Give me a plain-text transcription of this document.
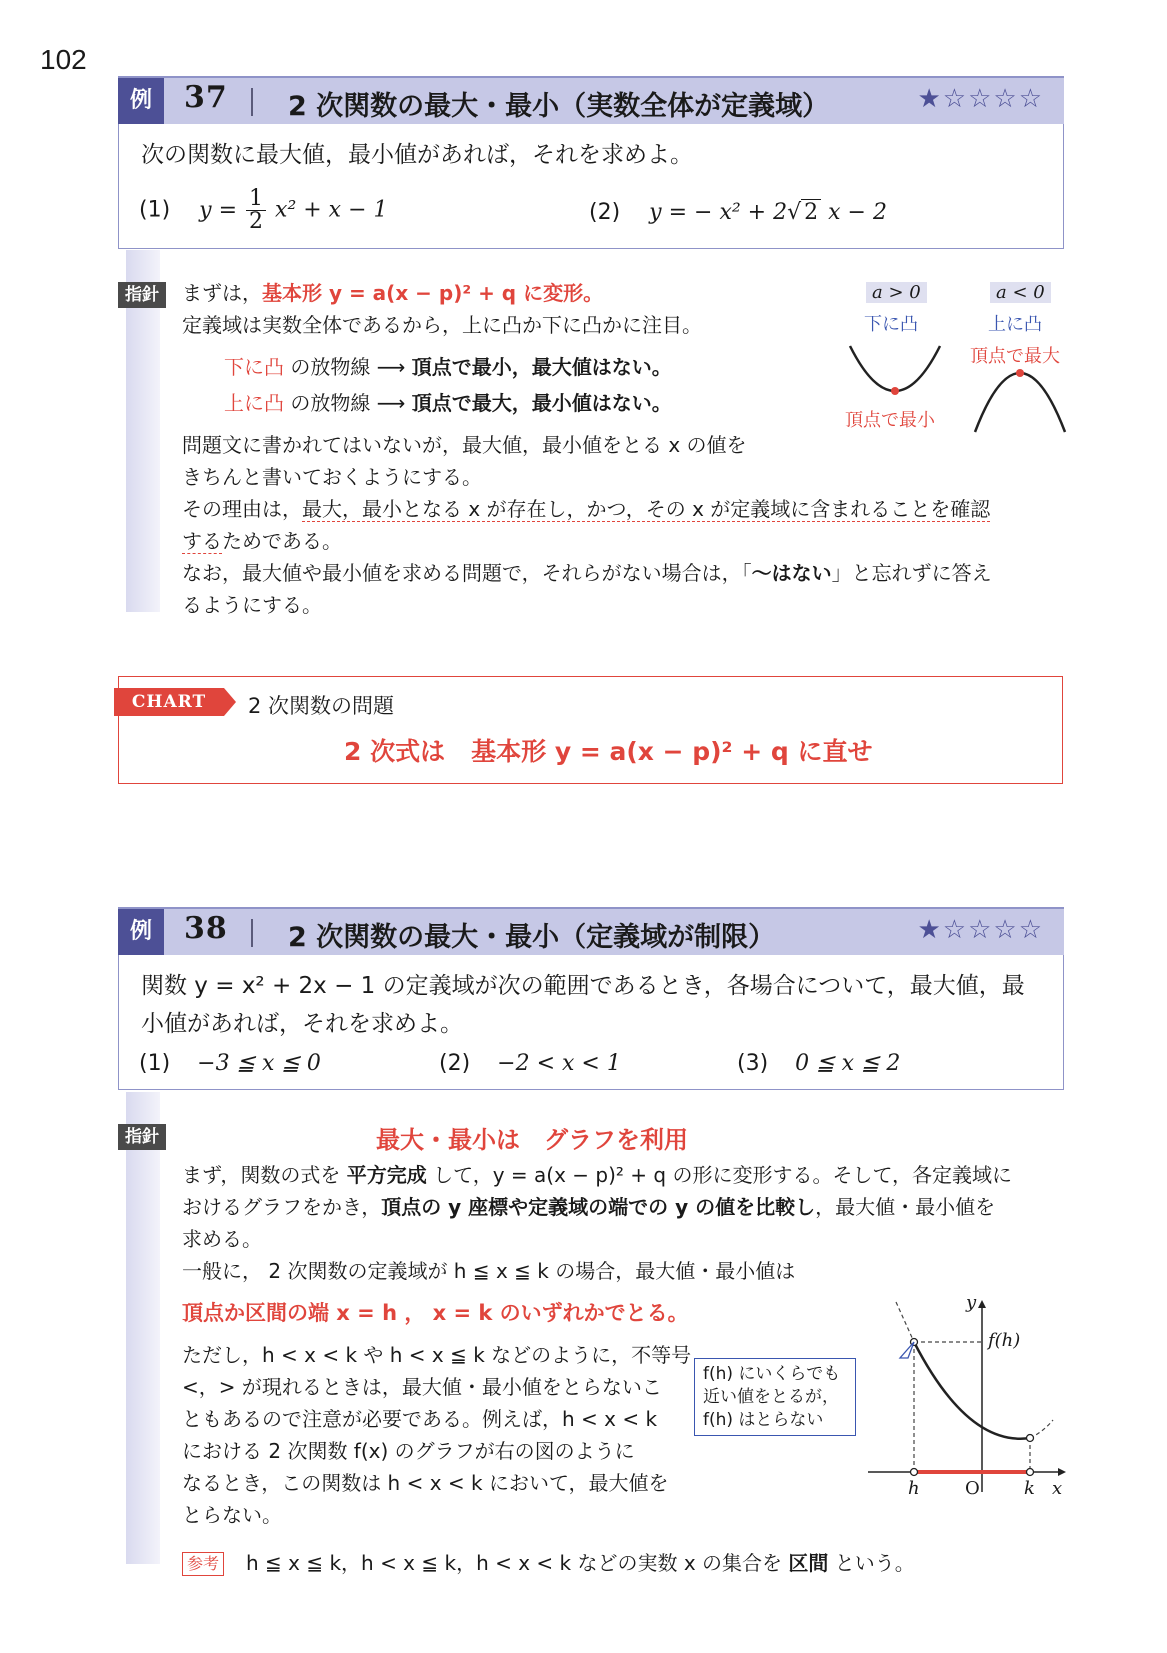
102
例	37 2 次関数の最大・最小（実数全体が定義域）	★☆☆☆☆
次の関数に最大値，最小値があれば，それを求めよ。
(1) $y = \frac{1}{2} x^2 + x - 1$	(2) y = − x² + 2√ 2 x − 2
指針	まずは，基本形 y = a(x − p)² + q に変形。
定義域は実数全体であるから，上に凸か下に凸かに注目。
下に凸 の放物線 ⟶ 頂点で最小，最大値はない。
上に凸 の放物線 ⟶ 頂点で最大，最小値はない。
問題文に書かれてはいないが，最大値，最小値をとる x の値を
きちんと書いておくようにする。
その理由は，最大，最小となる x が存在し，かつ，その x が定義域に含まれることを確認
するためである。
なお，最大値や最小値を求める問題で，それらがない場合は，「〜はない」と忘れずに答え
るようにする。
a > 0
下に凸
a < 0
上に凸
頂点で最大
頂点で最小
CHART	2 次関数の問題
2 次式は 基本形 y = a(x − p)² + q に直せ
例	38 2 次関数の最大・最小（定義域が制限）	★☆☆☆☆
関数 y = x² + 2x − 1 の定義域が次の範囲であるとき，各場合について，最大値，最
小値があれば，それを求めよ。
(1) −3 ≦ x ≦ 0	(2) −2 < x < 1	(3) 0 ≦ x ≦ 2
指針	最大・最小は　グラフを利用
まず，関数の式を 平方完成 して，y = a(x − p)² + q の形に変形する。そして，各定義域に
おけるグラフをかき，頂点の y 座標や定義域の端での y の値を比較し，最大値・最小値を
求める。
一般に， 2 次関数の定義域が h ≦ x ≦ k の場合，最大値・最小値は
頂点か区間の端 x = h ， x = k のいずれかでとる。
ただし，h < x < k や h < x ≦ k などのように，不等号
<，> が現れるときは，最大値・最小値をとらないこ
ともあるので注意が必要である。例えば，h < x < k
における 2 次関数 f(x) のグラフが右の図のように
なるとき，この関数は h < x < k において，最大値を
とらない。
参考 h ≦ x ≦ k，h < x ≦ k，h < x < k などの実数 x の集合を 区間 という。
f(h) にいくらでも
近い値をとるが，
f(h) はとらない
y
f(h)
h	O k x
